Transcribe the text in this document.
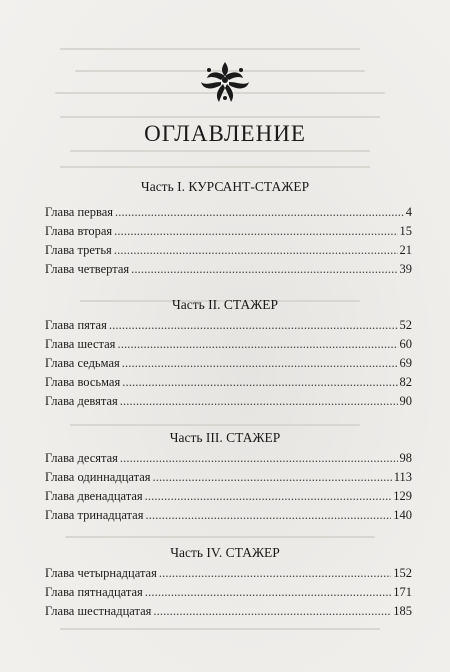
ОГЛАВЛЕНИЕ
Часть I. КУРСАНТ-СТАЖЕР
Глава первая . . .	4
Глава вторая . . .	15
Глава третья . . .	21
Глава четвертая . . .	39
Часть II. СТАЖЕР
Глава пятая . . .	52
Глава шестая . . .	60
Глава седьмая . . .	69
Глава восьмая . . .	82
Глава девятая . . .	90
Часть III. СТАЖЕР
Глава десятая . . .	98
Глава одиннадцатая . . .	113
Глава двенадцатая . . .	129
Глава тринадцатая . . .	140
Часть IV. СТАЖЕР
Глава четырнадцатая . . .	152
Глава пятнадцатая . . .	171
Глава шестнадцатая . . .	185
